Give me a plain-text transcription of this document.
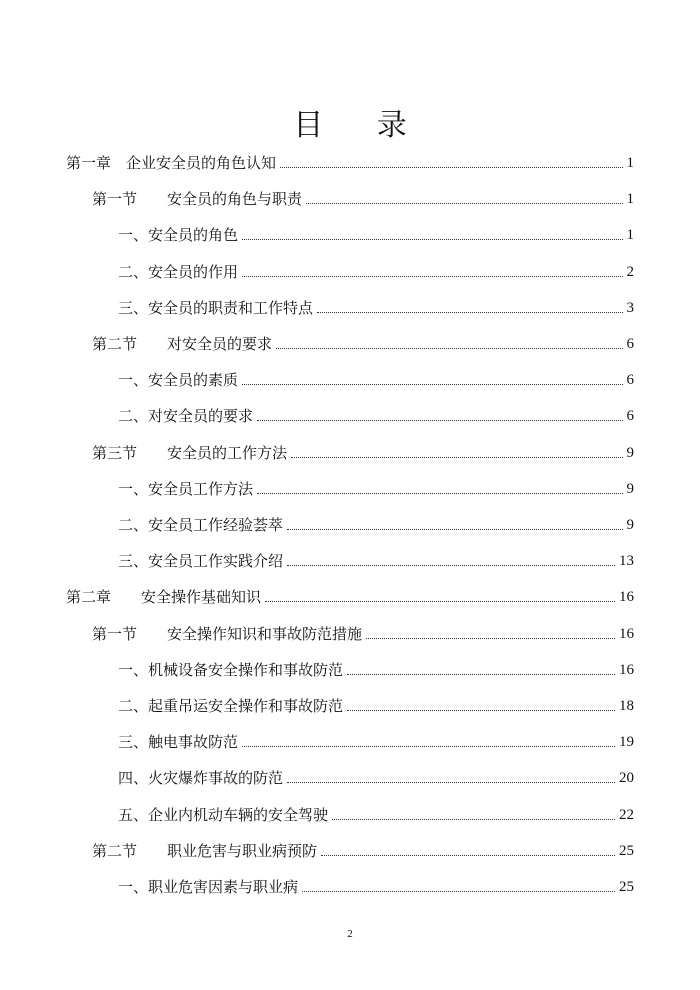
目 录
第一章　企业安全员的角色认知	1
第一节　　安全员的角色与职责	1
一、安全员的角色	1
二、安全员的作用	2
三、安全员的职责和工作特点	3
第二节　　对安全员的要求	6
一、安全员的素质	6
二、对安全员的要求	6
第三节　　安全员的工作方法	9
一、安全员工作方法	9
二、安全员工作经验荟萃	9
三、安全员工作实践介绍	13
第二章　　安全操作基础知识	16
第一节　　安全操作知识和事故防范措施	16
一、机械设备安全操作和事故防范	16
二、起重吊运安全操作和事故防范	18
三、触电事故防范	19
四、火灾爆炸事故的防范	20
五、企业内机动车辆的安全驾驶	22
第二节　　职业危害与职业病预防	25
一、职业危害因素与职业病	25
2
